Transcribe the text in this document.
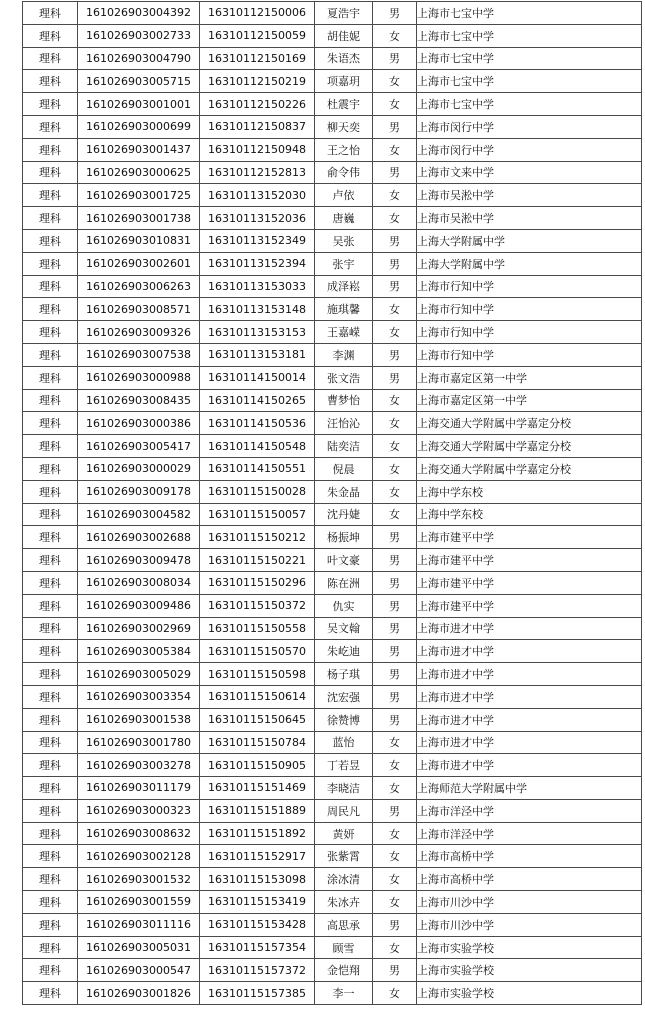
理科	161026903004392	16310112150006	夏浩宇	男	上海市七宝中学
理科	161026903002733	16310112150059	胡佳妮	女	上海市七宝中学
理科	161026903004790	16310112150169	朱语杰	男	上海市七宝中学
理科	161026903005715	16310112150219	项嘉玥	女	上海市七宝中学
理科	161026903001001	16310112150226	杜震宇	女	上海市七宝中学
理科	161026903000699	16310112150837	柳天奕	男	上海市闵行中学
理科	161026903001437	16310112150948	王之怡	女	上海市闵行中学
理科	161026903000625	16310112152813	俞令伟	男	上海市文来中学
理科	161026903001725	16310113152030	卢依	女	上海市吴淞中学
理科	161026903001738	16310113152036	唐巍	女	上海市吴淞中学
理科	161026903010831	16310113152349	吴张	男	上海大学附属中学
理科	161026903002601	16310113152394	张宇	男	上海大学附属中学
理科	161026903006263	16310113153033	成泽崧	男	上海市行知中学
理科	161026903008571	16310113153148	施琪馨	女	上海市行知中学
理科	161026903009326	16310113153153	王嘉嵘	女	上海市行知中学
理科	161026903007538	16310113153181	李渊	男	上海市行知中学
理科	161026903000988	16310114150014	张文浩	男	上海市嘉定区第一中学
理科	161026903008435	16310114150265	曹梦怡	女	上海市嘉定区第一中学
理科	161026903000386	16310114150536	汪怡沁	女	上海交通大学附属中学嘉定分校
理科	161026903005417	16310114150548	陆奕洁	女	上海交通大学附属中学嘉定分校
理科	161026903000029	16310114150551	倪晨	女	上海交通大学附属中学嘉定分校
理科	161026903009178	16310115150028	朱金晶	女	上海中学东校
理科	161026903004582	16310115150057	沈丹婕	女	上海中学东校
理科	161026903002688	16310115150212	杨振坤	男	上海市建平中学
理科	161026903009478	16310115150221	叶文豪	男	上海市建平中学
理科	161026903008034	16310115150296	陈在洲	男	上海市建平中学
理科	161026903009486	16310115150372	仇实	男	上海市建平中学
理科	161026903002969	16310115150558	吴文翰	男	上海市进才中学
理科	161026903005384	16310115150570	朱屹迪	男	上海市进才中学
理科	161026903005029	16310115150598	杨子琪	男	上海市进才中学
理科	161026903003354	16310115150614	沈宏强	男	上海市进才中学
理科	161026903001538	16310115150645	徐赞博	男	上海市进才中学
理科	161026903001780	16310115150784	蓝怡	女	上海市进才中学
理科	161026903003278	16310115150905	丁若昱	女	上海市进才中学
理科	161026903011179	16310115151469	李晓洁	女	上海师范大学附属中学
理科	161026903000323	16310115151889	周民凡	男	上海市洋泾中学
理科	161026903008632	16310115151892	黄妍	女	上海市洋泾中学
理科	161026903002128	16310115152917	张紫霄	女	上海市高桥中学
理科	161026903001532	16310115153098	涂冰清	女	上海市高桥中学
理科	161026903001559	16310115153419	朱冰卉	女	上海市川沙中学
理科	161026903011116	16310115153428	高思承	男	上海市川沙中学
理科	161026903005031	16310115157354	顾雪	女	上海市实验学校
理科	161026903000547	16310115157372	金恺翔	男	上海市实验学校
理科	161026903001826	16310115157385	李一	女	上海市实验学校
